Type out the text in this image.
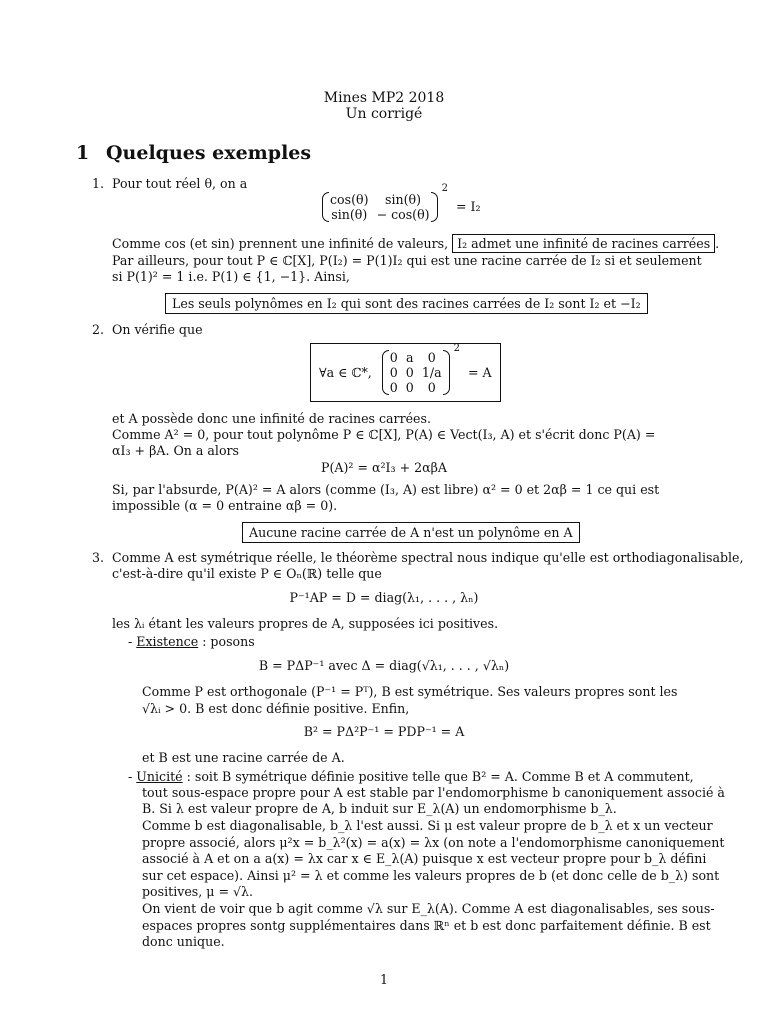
Mines MP2 2018
Un corrigé
1 Quelques exemples
1. Pour tout réel θ, on a
cos(θ)	sin(θ)
sin(θ)	− cos(θ)
$^2$ = I₂
Comme cos (et sin) prennent une infinité de valeurs, I₂ admet une infinité de racines carrées .
Par ailleurs, pour tout P ∈ ℂ[X], P(I₂) = P(1)I₂ qui est une racine carrée de I₂ si et seulement
si P(1)² = 1 i.e. P(1) ∈ {1, −1}. Ainsi,
Les seuls polynômes en I₂ qui sont des racines carrées de I₂ sont I₂ et −I₂
2. On vérifie que
∀a ∈ ℂ*,
0	a	0
0	0	1/a
0	0	0
$^2$ = A
et A possède donc une infinité de racines carrées.
Comme A² = 0, pour tout polynôme P ∈ ℂ[X], P(A) ∈ Vect(I₃, A) et s'écrit donc P(A) =
αI₃ + βA. On a alors
P(A)² = α²I₃ + 2αβA
Si, par l'absurde, P(A)² = A alors (comme (I₃, A) est libre) α² = 0 et 2αβ = 1 ce qui est
impossible (α = 0 entraine αβ = 0).
Aucune racine carrée de A n'est un polynôme en A
3. Comme A est symétrique réelle, le théorème spectral nous indique qu'elle est orthodiagonalisable,
c'est-à-dire qu'il existe P ∈ Oₙ(ℝ) telle que
P⁻¹AP = D = diag(λ₁, . . . , λₙ)
les λᵢ étant les valeurs propres de A, supposées ici positives.
- Existence : posons
B = PΔP⁻¹ avec Δ = diag(√λ₁, . . . , √λₙ)
Comme P est orthogonale (P⁻¹ = Pᵀ), B est symétrique. Ses valeurs propres sont les
√λᵢ > 0. B est donc définie positive. Enfin,
B² = PΔ²P⁻¹ = PDP⁻¹ = A
et B est une racine carrée de A.
- Unicité : soit B symétrique définie positive telle que B² = A. Comme B et A commutent,
tout sous-espace propre pour A est stable par l'endomorphisme b canoniquement associé à
B. Si λ est valeur propre de A, b induit sur E_λ(A) un endomorphisme b_λ.
Comme b est diagonalisable, b_λ l'est aussi. Si μ est valeur propre de b_λ et x un vecteur
propre associé, alors μ²x = b_λ²(x) = a(x) = λx (on note a l'endomorphisme canoniquement
associé à A et on a a(x) = λx car x ∈ E_λ(A) puisque x est vecteur propre pour b_λ défini
sur cet espace). Ainsi μ² = λ et comme les valeurs propres de b (et donc celle de b_λ) sont
positives, μ = √λ.
On vient de voir que b agit comme √λ sur E_λ(A). Comme A est diagonalisables, ses sous-
espaces propres sontg supplémentaires dans ℝⁿ et b est donc parfaitement définie. B est
donc unique.
1
